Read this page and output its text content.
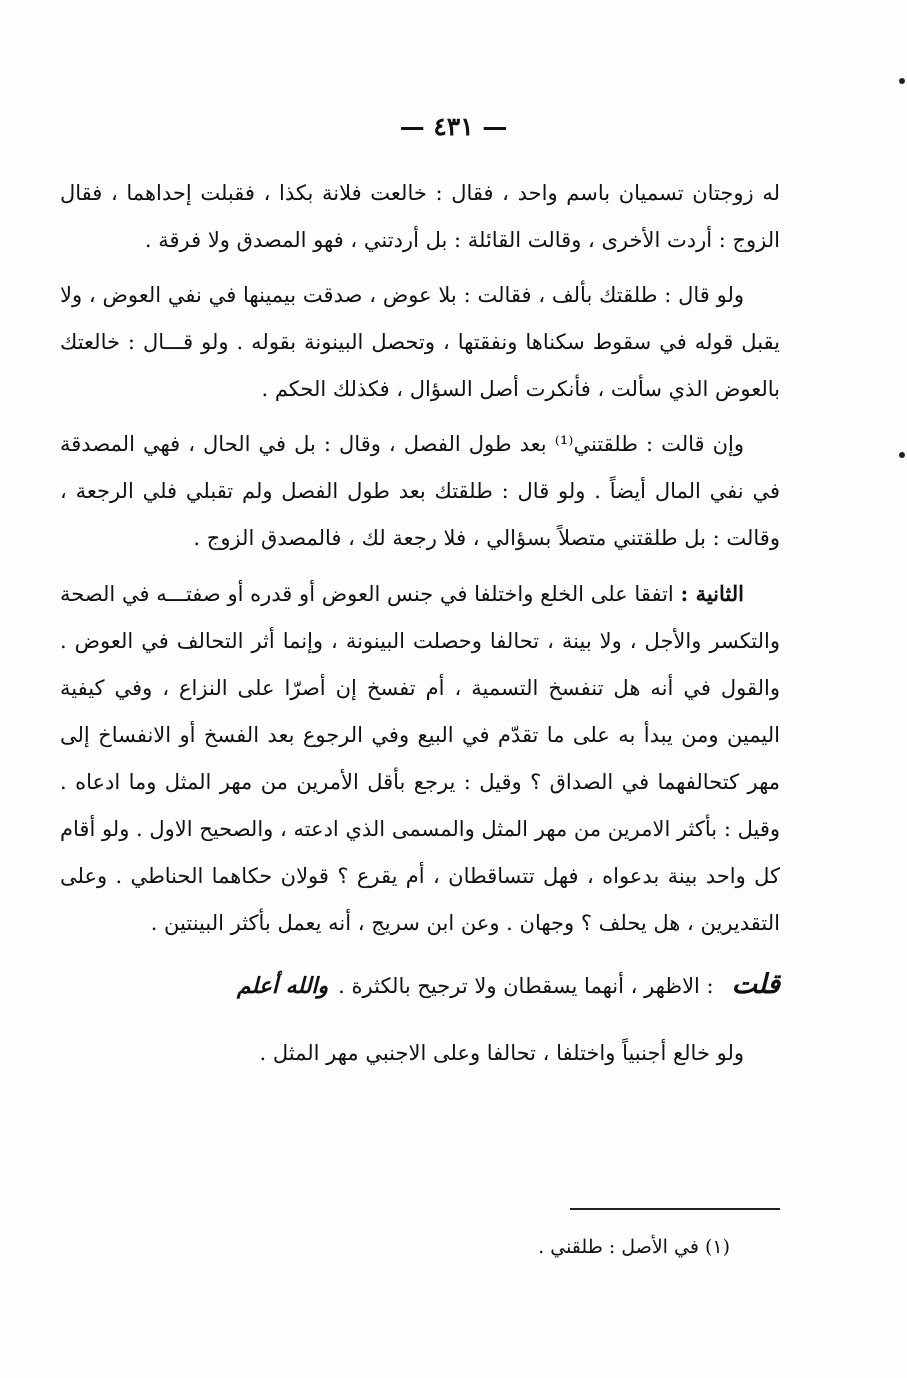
— ٤٣١ —

له زوجتان تسميان باسم واحد ، فقال : خالعت فلانة بكذا ، فقبلت إحداهما ، فقال الزوج : أردت الأخرى ، وقالت القائلة : بل أردتني ، فهو المصدق ولا فرقة .

ولو قال : طلقتك بألف ، فقالت : بلا عوض ، صدقت بيمينها في نفي العوض ، ولا يقبل قوله في سقوط سكناها ونفقتها ، وتحصل البينونة بقوله . ولو قـــال : خالعتك بالعوض الذي سألت ، فأنكرت أصل السؤال ، فكذلك الحكم .

وإن قالت : طلقتني⁽¹⁾ بعد طول الفصل ، وقال : بل في الحال ، فهي المصدقة في نفي المال أيضاً . ولو قال : طلقتك بعد طول الفصل ولم تقبلي فلي الرجعة ، وقالت : بل طلقتني متصلاً بسؤالي ، فلا رجعة لك ، فالمصدق الزوج .

الثانية : اتفقا على الخلع واختلفا في جنس العوض أو قدره أو صفتـــه في الصحة والتكسر والأجل ، ولا بينة ، تحالفا وحصلت البينونة ، وإنما أثر التحالف في العوض . والقول في أنه هل تنفسخ التسمية ، أم تفسخ إن أصرّا على النزاع ، وفي كيفية اليمين ومن يبدأ به على ما تقدّم في البيع وفي الرجوع بعد الفسخ أو الانفساخ إلى مهر كتحالفهما في الصداق ؟ وقيل : يرجع بأقل الأمرين من مهر المثل وما ادعاه . وقيل : بأكثر الامرين من مهر المثل والمسمى الذي ادعته ، والصحيح الاول . ولو أقام كل واحد بينة بدعواه ، فهل تتساقطان ، أم يقرع ؟ قولان حكاهما الحناطي . وعلى التقديرين ، هل يحلف ؟ وجهان . وعن ابن سريج ، أنه يعمل بأكثر البينتين .

قلت: الاظهر ، أنهما يسقطان ولا ترجيح بالكثرة .والله أعلم

ولو خالع أجنبياً واختلفا ، تحالفا وعلى الاجنبي مهر المثل .

(١) في الأصل : طلقني .
